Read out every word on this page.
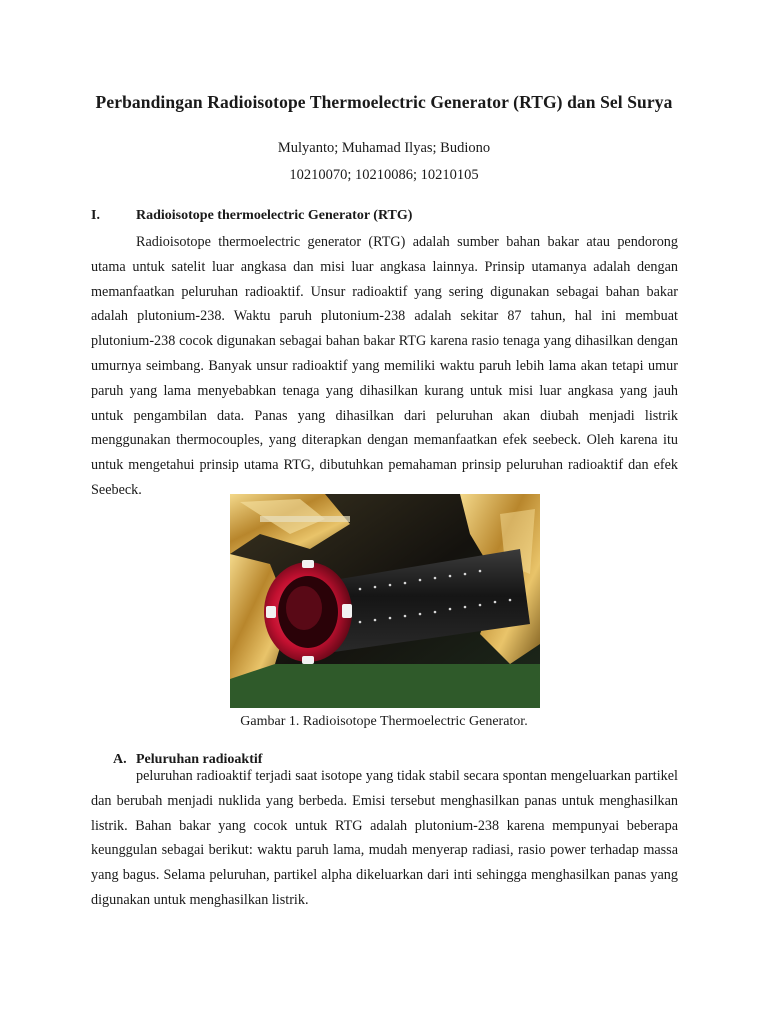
Perbandingan Radioisotope Thermoelectric Generator (RTG) dan Sel Surya
Mulyanto; Muhamad Ilyas; Budiono
10210070; 10210086; 10210105
I.	Radioisotope thermoelectric Generator (RTG)

Radioisotope thermoelectric generator (RTG) adalah sumber bahan bakar atau pendorong utama untuk satelit luar angkasa dan misi luar angkasa lainnya. Prinsip utamanya adalah dengan memanfaatkan peluruhan radioaktif. Unsur radioaktif yang sering digunakan sebagai bahan bakar adalah plutonium-238. Waktu paruh plutonium-238 adalah sekitar 87 tahun, hal ini membuat plutonium-238 cocok digunakan sebagai bahan bakar RTG karena rasio tenaga yang dihasilkan dengan umurnya seimbang. Banyak unsur radioaktif yang memiliki waktu paruh lebih lama akan tetapi umur paruh yang lama menyebabkan tenaga yang dihasilkan kurang untuk misi luar angkasa yang jauh untuk pengambilan data. Panas yang dihasilkan dari peluruhan akan diubah menjadi listrik menggunakan thermocouples, yang diterapkan dengan memanfaatkan efek seebeck. Oleh karena itu untuk mengetahui prinsip utama RTG, dibutuhkan pemahaman prinsip peluruhan radioaktif dan efek Seebeck.

Gambar 1. Radioisotope Thermoelectric Generator.
A. Peluruhan radioaktif

peluruhan radioaktif terjadi saat isotope yang tidak stabil secara spontan mengeluarkan partikel dan berubah menjadi nuklida yang berbeda. Emisi tersebut menghasilkan panas untuk menghasilkan listrik. Bahan bakar yang cocok untuk RTG adalah plutonium-238 karena mempunyai beberapa keunggulan sebagai berikut: waktu paruh lama, mudah menyerap radiasi, rasio power terhadap massa yang bagus. Selama peluruhan, partikel alpha dikeluarkan dari inti sehingga menghasilkan panas yang digunakan untuk menghasilkan listrik.
